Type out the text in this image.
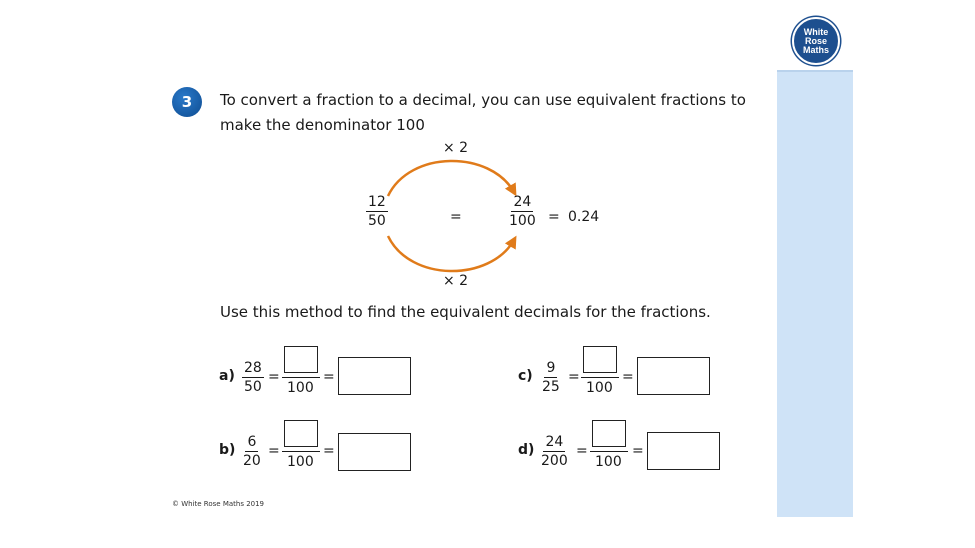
White
Rose
Maths
3	To convert a fraction to a decimal, you can use equivalent fractions to
make the denominator 100
× 2
× 2
$\frac{12}{50}$	=	$\frac{24}{100} = 0.24$
Use this method to find the equivalent decimals for the fractions.
$a) \frac{28}{50}$ =
100
=
$b) \frac{6}{20}$ =
100
=
$c) \frac{9}{25}$ =
100
=
$d) \frac{24}{200}$ =
100
=
© White Rose Maths 2019
